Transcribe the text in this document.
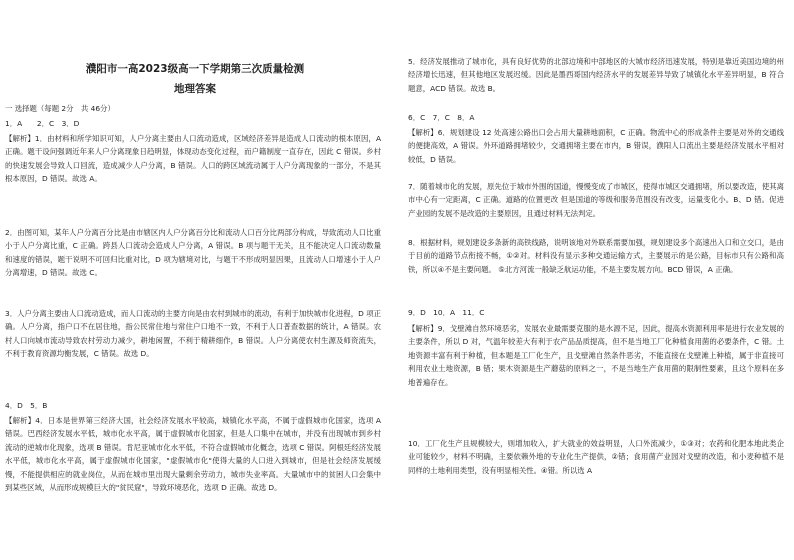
濮阳市一高2023级高一下学期第三次质量检测
地理答案

一 选择题（每题 2分　共 46分）

1．A　　2．C　3．D

【解析】1．由材料和所学知识可知，人户分离主要由人口流动造成，区域经济差异是造成人口流动的根本原因，A 正确。题干设问强调近年来人户分离现象日趋明显，体现动态变化过程，而户籍制度一直存在，因此 C 错误。乡村的快速发展会导致人口回流，造成减少人户分离，B 错误。人口的跨区域流动属于人户分离现象的一部分，不是其根本原因，D 错误。故选 A。

2．由图可知，某年人户分离百分比是由市辖区内人户分离百分比和流动人口百分比两部分构成，导致流动人口比重小于人户分离比重，C 正确。跨县人口流动会造成人户分离，A 错误。B 项与题干无关，且不能决定人口流动数量和速度的错误，题干说明不可回归比重对比，D 项为辖境对比，与题干不形成明显因果，且流动人口增速小于人户分离增速，D 错误。故选 C。

3．人户分离主要由人口流动造成，而人口流动的主要方向是由农村到城市的流动，有利于加快城市化进程，D 项正确。人户分离，指户口不在居住地，指公民常住地与常住户口地不一致，不利于人口普查数据的统计，A 错误。农村人口向城市流动导致农村劳动力减少，耕地闲置，不利于精耕细作，B 错误。人户分离使农村生源及师资流失，不利于教育资源均衡发展，C 错误。故选 D。

4．D　5．B

【解析】4．日本是世界第三经济大国，社会经济发展水平较高，城镇化水平高，不属于虚假城市化国家，选项 A 错误。巴西经济发展水平低，城市化水平高，属于虚假城市化国家，但是人口集中在城市，并没有出现城市到乡村流动的逆城市化现象，选项 B 错误。肯尼亚城市化水平低，不符合虚假城市化概念，选项 C 错误。阿根廷经济发展水平低，城市化水平高，属于虚假城市化国家，"虚假城市化"使得大量的人口进入到城市，但是社会经济发展缓慢，不能提供相应的就业岗位，从而在城市里出现大量剩余劳动力，城市失业率高。大量城市中的贫困人口会集中到某些区域，从而形成规模巨大的"贫民窟"，导致环境恶化，选项 D 正确。故选 D。

5．经济发展推动了城市化，具有良好优势的北部边境和中部地区的大城市经济迅速发展，特别是靠近美国边境的州经济增长迅速，但其他地区发展迟缓。因此是墨西哥国内经济水平的发展差异导致了城镇化水平差异明显，B 符合题意，ACD 错误。故选 B。

6．C　7．C　8．A

【解析】6．规划建设 12 处高速公路出口会占用大量耕地面积，C 正确。物流中心的形成条件主要是对外的交通线的便捷高效，A 错误。外环道路拥堵较少，交通拥堵主要在市内，B 错误，濮阳人口流出主要是经济发展水平相对较低，D 错误。

7．随着城市化的发展，原先位于城市外围的国道，慢慢变成了市城区，使得市城区交通拥堵，所以要改造，使其离市中心有一定距离，C 正确。道路的位置更改 但是国道的等级和服务范围没有改变，运量变化小。B、D 错。促进产业园的发展不是改造的主要原因，且通过材料无法判定。

8．根据材料，规划建设多条新的高铁线路，说明该地对外联系需要加强，规划建设多个高速出入口和立交口，是由于目前的道路节点衔接不畅，①②对。材料没有显示多种交通运输方式，主要展示的是公路，目标市只有公路和高铁，所以④不是主要问题。 ⑤北方河流一般缺乏航运功能，不是主要发展方向。BCD 错误，A 正确。

9．D　10．A　11．C

【解析】9．戈壁滩自然环境恶劣，发展农业最需要克服的是水源不足，因此，提高水资源利用率是进行农业发展的主要条件，所以 D 对，气温年较差大有利于农产品品质提高，但不是当地工厂化种植食用菌的必要条件，C 错。土地资源丰富有利于种植，但本题是工厂化生产，且戈壁滩自然条件恶劣，不能直接在戈壁滩上种植，属于非直接可利用农业土地资源，B 错；果木资源是生产蘑菇的原料之一，不是当地生产食用菌的限制性要素，且这个原料在多地普遍存在。

10．工厂化生产且规模较大，则增加收入，扩大就业的效益明显，人口外流减少，①③对；农药和化肥本地此类企业可能较少，材料不明确，主要依赖外地的专业化生产提供，②错；食用菌产业园对戈壁的改造，和小麦种植不是同样的土地利用类型，没有明显相关性。④错。所以选 A
